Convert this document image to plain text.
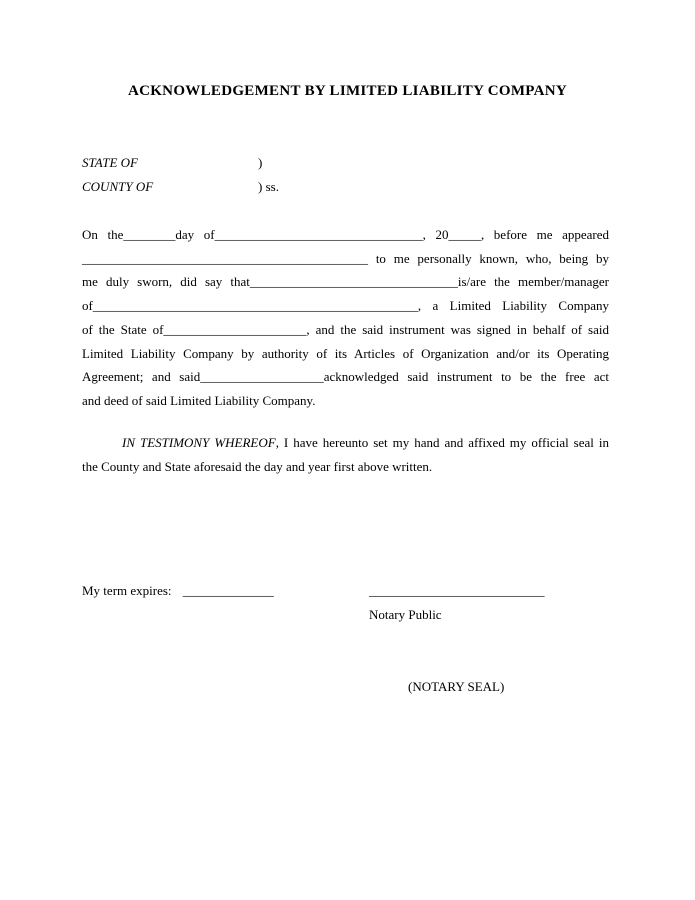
ACKNOWLEDGEMENT BY LIMITED LIABILITY COMPANY
STATE OF	)
COUNTY OF	) ss.
On the________day of________________________________, 20_____, before me appeared
____________________________________________ to me personally known, who, being by
me duly sworn, did say that________________________________is/are the member/manager
of__________________________________________________, a Limited Liability Company
of the State of______________________, and the said instrument was signed in behalf of said
Limited Liability Company by authority of its Articles of Organization and/or its Operating
Agreement; and said___________________acknowledged said instrument to be the free act
and deed of said Limited Liability Company.
IN TESTIMONY WHEREOF, I have hereunto set my hand and affixed my official seal in
the County and State aforesaid the day and year first above written.
My term expires: ______________	___________________________
Notary Public
(NOTARY SEAL)
